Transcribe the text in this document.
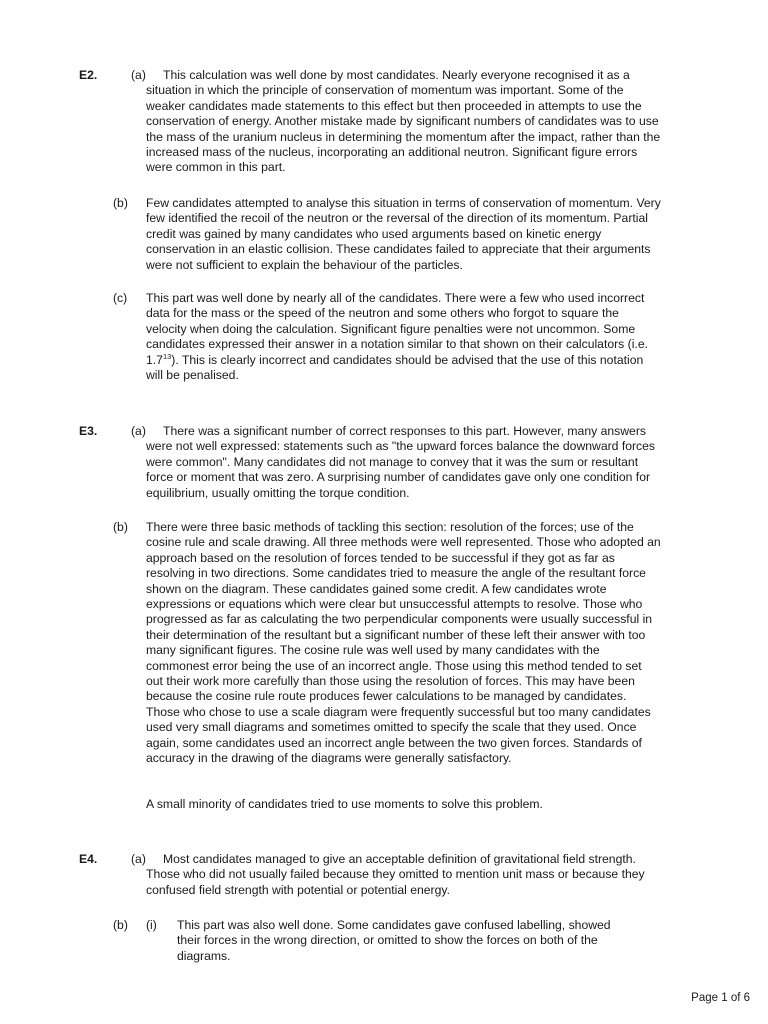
E2.	(a)	This calculation was well done by most candidates. Nearly everyone recognised it as a situation in which the principle of conservation of momentum was important. Some of the weaker candidates made statements to this effect but then proceeded in attempts to use the conservation of energy. Another mistake made by significant numbers of candidates was to use the mass of the uranium nucleus in determining the momentum after the impact, rather than the increased mass of the nucleus, incorporating an additional neutron. Significant figure errors were common in this part.

(b) Few candidates attempted to analyse this situation in terms of conservation of momentum. Very few identified the recoil of the neutron or the reversal of the direction of its momentum. Partial credit was gained by many candidates who used arguments based on kinetic energy conservation in an elastic collision. These candidates failed to appreciate that their arguments were not sufficient to explain the behaviour of the particles.

(c) This part was well done by nearly all of the candidates. There were a few who used incorrect data for the mass or the speed of the neutron and some others who forgot to square the velocity when doing the calculation. Significant figure penalties were not uncommon. Some candidates expressed their answer in a notation similar to that shown on their calculators (i.e. $1.7^{13}$). This is clearly incorrect and candidates should be advised that the use of this notation will be penalised.

E3.	(a)	There was a significant number of correct responses to this part. However, many answers were not well expressed: statements such as "the upward forces balance the downward forces were common". Many candidates did not manage to convey that it was the sum or resultant force or moment that was zero. A surprising number of candidates gave only one condition for equilibrium, usually omitting the torque condition.

(b) There were three basic methods of tackling this section: resolution of the forces; use of the cosine rule and scale drawing. All three methods were well represented. Those who adopted an approach based on the resolution of forces tended to be successful if they got as far as resolving in two directions. Some candidates tried to measure the angle of the resultant force shown on the diagram. These candidates gained some credit. A few candidates wrote expressions or equations which were clear but unsuccessful attempts to resolve. Those who progressed as far as calculating the two perpendicular components were usually successful in their determination of the resultant but a significant number of these left their answer with too many significant figures. The cosine rule was well used by many candidates with the commonest error being the use of an incorrect angle. Those using this method tended to set out their work more carefully than those using the resolution of forces. This may have been because the cosine rule route produces fewer calculations to be managed by candidates. Those who chose to use a scale diagram were frequently successful but too many candidates used very small diagrams and sometimes omitted to specify the scale that they used. Once again, some candidates used an incorrect angle between the two given forces. Standards of accuracy in the drawing of the diagrams were generally satisfactory.

A small minority of candidates tried to use moments to solve this problem.

E4.	(a)	Most candidates managed to give an acceptable definition of gravitational field strength. Those who did not usually failed because they omitted to mention unit mass or because they confused field strength with potential or potential energy.

(b) (i) This part was also well done. Some candidates gave confused labelling, showed their forces in the wrong direction, or omitted to show the forces on both of the diagrams.

Page 1 of 6
